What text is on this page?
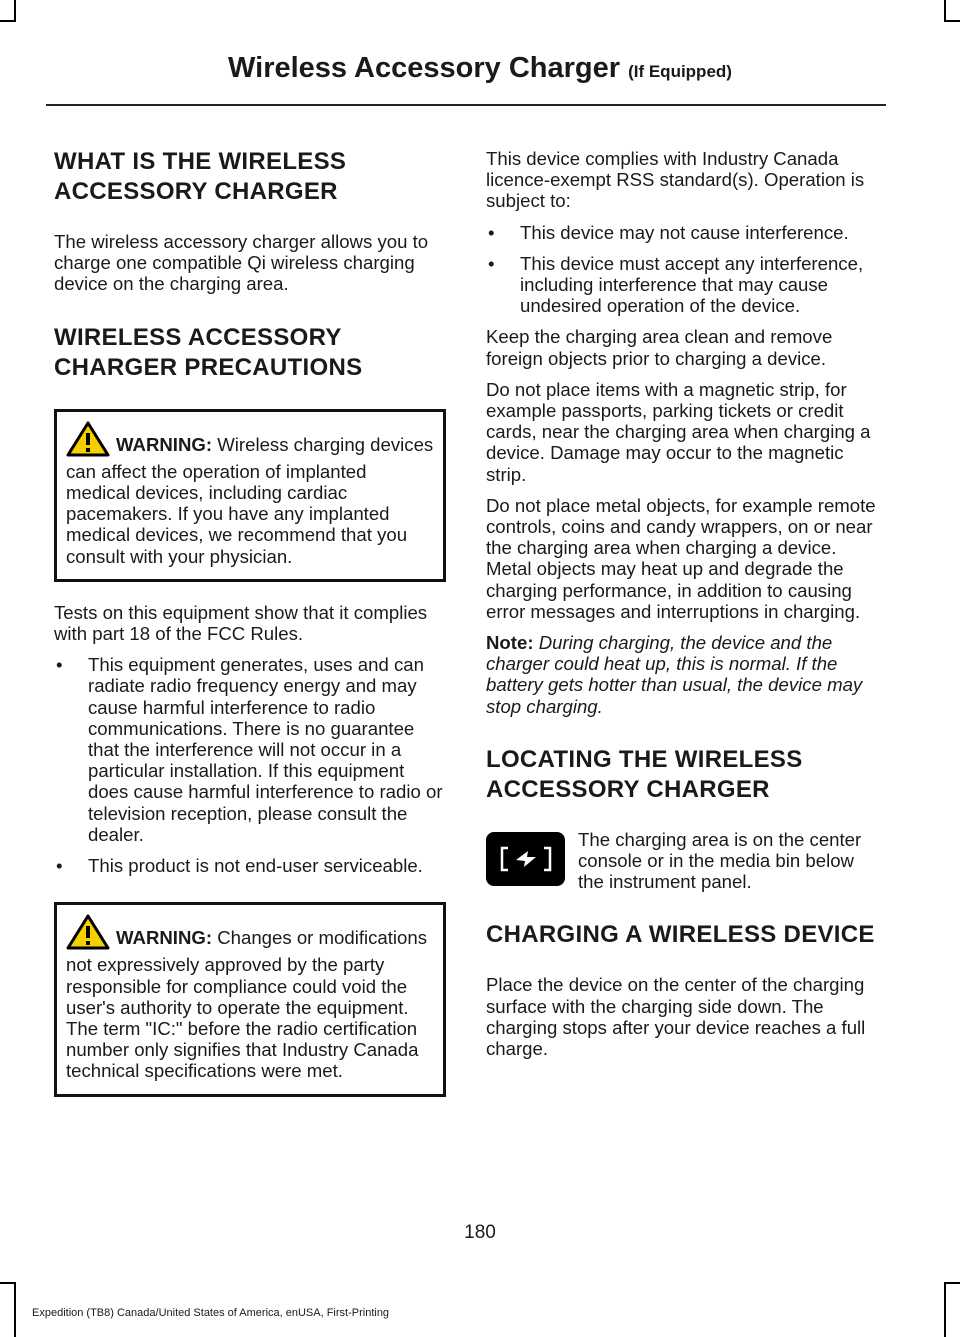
Wireless Accessory Charger (If Equipped)
WHAT IS THE WIRELESS ACCESSORY CHARGER

The wireless accessory charger allows you to charge one compatible Qi wireless charging device on the charging area.

WIRELESS ACCESSORY CHARGER PRECAUTIONS
WARNING: Wireless charging devices can affect the operation of implanted medical devices, including cardiac pacemakers. If you have any implanted medical devices, we recommend that you consult with your physician.

Tests on this equipment show that it complies with part 18 of the FCC Rules.

• This equipment generates, uses and can radiate radio frequency energy and may cause harmful interference to radio communications. There is no guarantee that the interference will not occur in a particular installation. If this equipment does cause harmful interference to radio or television reception, please consult the dealer.
• This product is not end-user serviceable.
WARNING: Changes or modifications not expressively approved by the party responsible for compliance could void the user's authority to operate the equipment. The term "IC:" before the radio certification number only signifies that Industry Canada technical specifications were met.

This device complies with Industry Canada licence-exempt RSS standard(s). Operation is subject to:

• This device may not cause interference.
• This device must accept any interference, including interference that may cause undesired operation of the device.

Keep the charging area clean and remove foreign objects prior to charging a device.

Do not place items with a magnetic strip, for example passports, parking tickets or credit cards, near the charging area when charging a device. Damage may occur to the magnetic strip.

Do not place metal objects, for example remote controls, coins and candy wrappers, on or near the charging area when charging a device. Metal objects may heat up and degrade the charging performance, in addition to causing error messages and interruptions in charging.

Note: During charging, the device and the charger could heat up, this is normal. If the battery gets hotter than usual, the device may stop charging.

LOCATING THE WIRELESS ACCESSORY CHARGER

The charging area is on the center console or in the media bin below the instrument panel.

CHARGING A WIRELESS DEVICE

Place the device on the center of the charging surface with the charging side down. The charging stops after your device reaches a full charge.

180
Expedition (TB8) Canada/United States of America, enUSA, First-Printing
